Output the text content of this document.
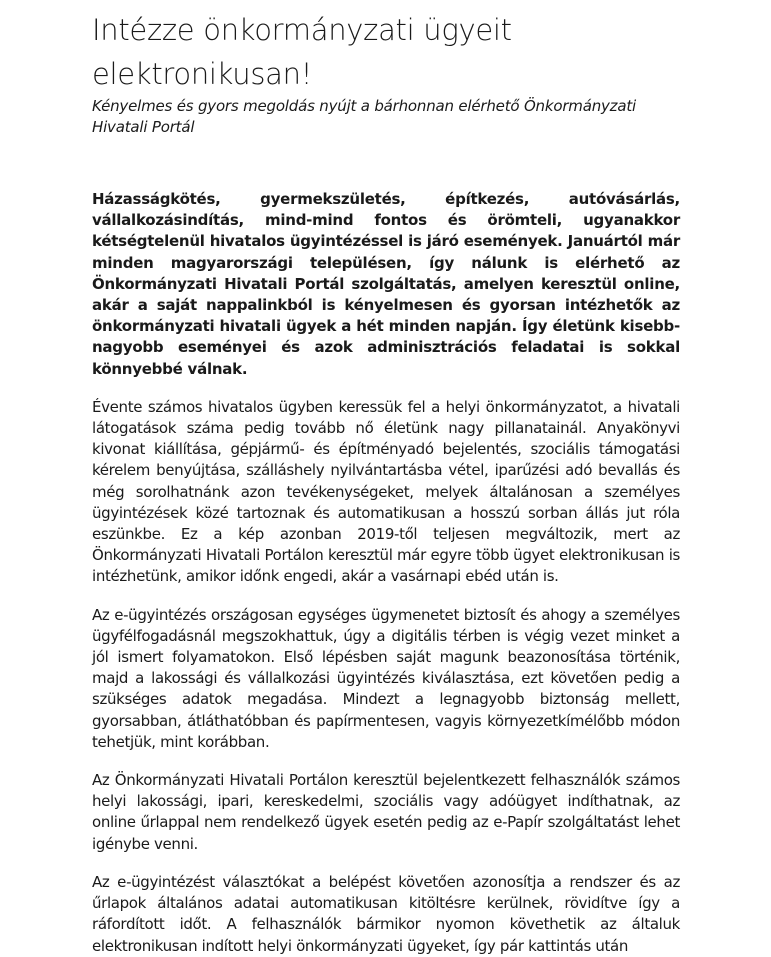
Intézze önkormányzati ügyeit elektronikusan!

Kényelmes és gyors megoldás nyújt a bárhonnan elérhető Önkormányzati Hivatali Portál

Házasságkötés, gyermekszületés, építkezés, autóvásárlás, vállalkozásindítás, mind-mind fontos és örömteli, ugyanakkor kétségtelenül hivatalos ügyintézéssel is járó események. Januártól már minden magyarországi településen, így nálunk is elérhető az Önkormányzati Hivatali Portál szolgáltatás, amelyen keresztül online, akár a saját nappalinkból is kényelmesen és gyorsan intézhetők az önkormányzati hivatali ügyek a hét minden napján. Így életünk kisebb-nagyobb eseményei és azok adminisztrációs feladatai is sokkal könnyebbé válnak.

Évente számos hivatalos ügyben keressük fel a helyi önkormányzatot, a hivatali látogatások száma pedig tovább nő életünk nagy pillanatainál. Anyakönyvi kivonat kiállítása, gépjármű- és építményadó bejelentés, szociális támogatási kérelem benyújtása, szálláshely nyilvántartásba vétel, iparűzési adó bevallás és még sorolhatnánk azon tevékenységeket, melyek általánosan a személyes ügyintézések közé tartoznak és automatikusan a hosszú sorban állás jut róla eszünkbe. Ez a kép azonban 2019-től teljesen megváltozik, mert az Önkormányzati Hivatali Portálon keresztül már egyre több ügyet elektronikusan is intézhetünk, amikor időnk engedi, akár a vasárnapi ebéd után is.

Az e-ügyintézés országosan egységes ügymenetet biztosít és ahogy a személyes ügyfélfogadásnál megszokhattuk, úgy a digitális térben is végig vezet minket a jól ismert folyamatokon. Első lépésben saját magunk beazonosítása történik, majd a lakossági és vállalkozási ügyintézés kiválasztása, ezt követően pedig a szükséges adatok megadása. Mindezt a legnagyobb biztonság mellett, gyorsabban, átláthatóbban és papírmentesen, vagyis környezetkímélőbb módon tehetjük, mint korábban.

Az Önkormányzati Hivatali Portálon keresztül bejelentkezett felhasználók számos helyi lakossági, ipari, kereskedelmi, szociális vagy adóügyet indíthatnak, az online űrlappal nem rendelkező ügyek esetén pedig az e-Papír szolgáltatást lehet igénybe venni.

Az e-ügyintézést választókat a belépést követően azonosítja a rendszer és az űrlapok általános adatai automatikusan kitöltésre kerülnek, rövidítve így a ráfordított időt. A felhasználók bármikor nyomon követhetik az általuk elektronikusan indított helyi önkormányzati ügyeket, így pár kattintás után
